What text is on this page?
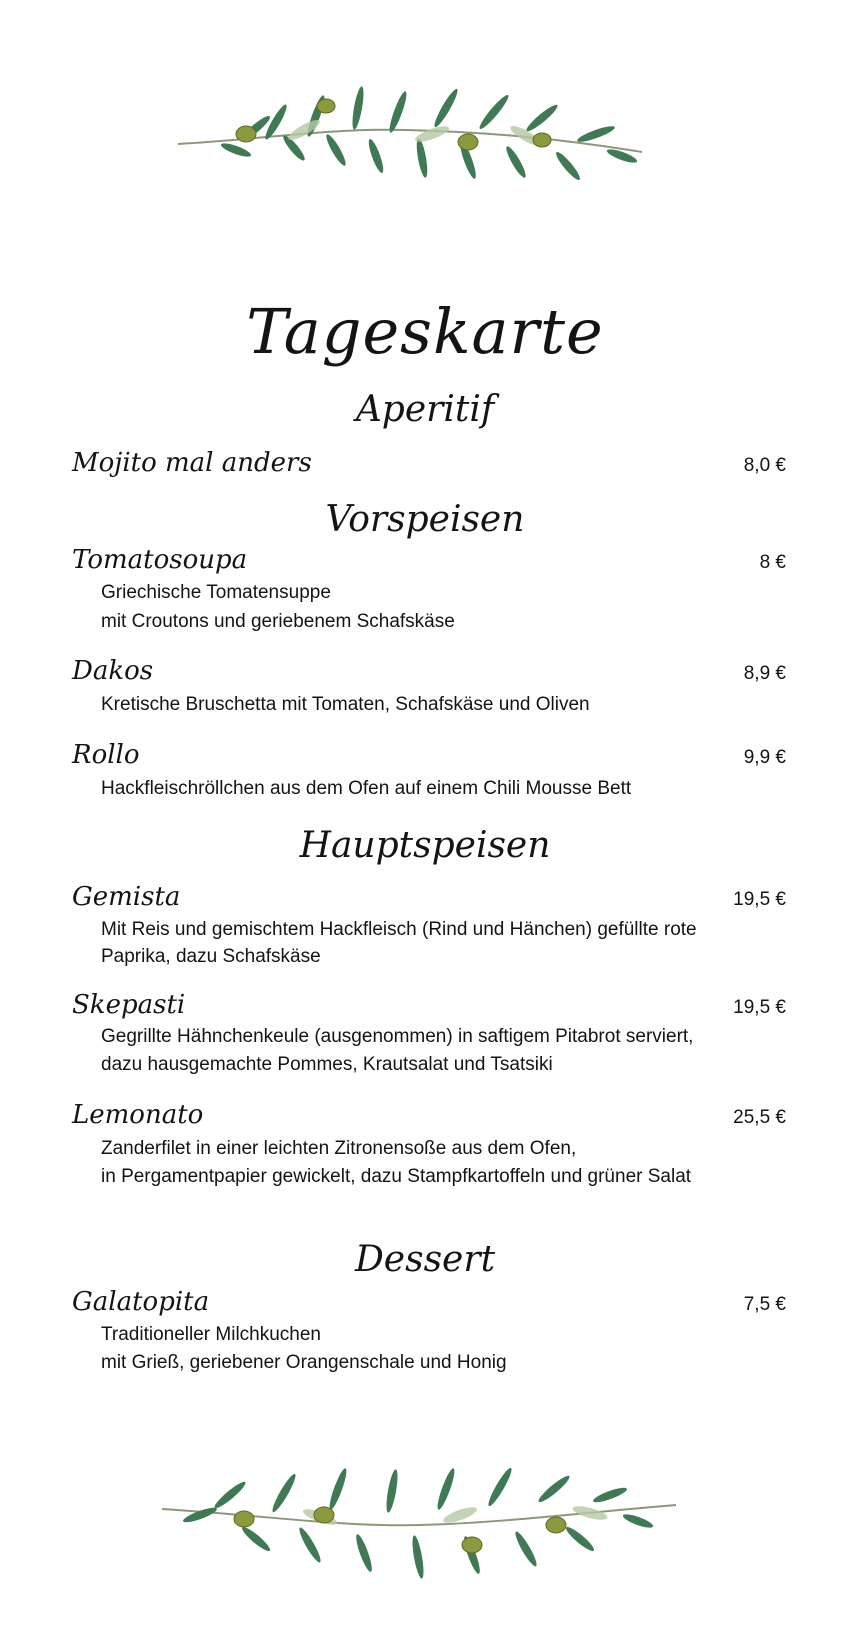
Tageskarte
Aperitif
Mojito mal anders	8,0 €
Vorspeisen
Tomatosoupa	8 €
Griechische Tomatensuppe
mit Croutons und geriebenem Schafskäse
Dakos	8,9 €
Kretische Bruschetta mit Tomaten, Schafskäse und Oliven
Rollo	9,9 €
Hackfleischröllchen aus dem Ofen auf einem Chili Mousse Bett
Hauptspeisen
Gemista	19,5 €
Mit Reis und gemischtem Hackfleisch (Rind und Hänchen) gefüllte rote
Paprika, dazu Schafskäse
Skepasti	19,5 €
Gegrillte Hähnchenkeule (ausgenommen) in saftigem Pitabrot serviert,
dazu hausgemachte Pommes, Krautsalat und Tsatsiki
Lemonato	25,5 €
Zanderfilet in einer leichten Zitronensoße aus dem Ofen,
in Pergamentpapier gewickelt, dazu Stampfkartoffeln und grüner Salat
Dessert
Galatopita	7,5 €
Traditioneller Milchkuchen
mit Grieß, geriebener Orangenschale und Honig
